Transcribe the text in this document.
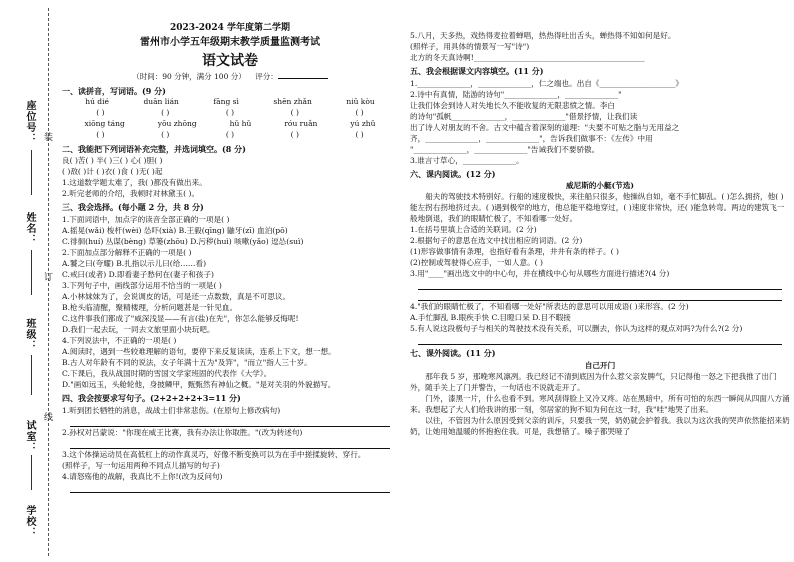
座位号：
姓名：
班级：
试室：
学校：
装
订
线
2023-2024 学年度第二学期
雷州市小学五年级期末教学质量监测考试
语文试卷
（时间：90 分钟，满分 100 分） 评分：
一、读拼音，写词语。(9 分)
hú dié	duān lián	fāng sì	shēn zhǎn	niǔ kòu
( )	( )	( )	( )	( )
xiōng táng	yōu zhōng	hǔ hǔ	róu ruǎn	yú zhǔ
( )	( )	( )	( )	( )
二、我能把下列词语补充完整，并选词填空。(8 分)
良( )苦( ) 半( )三( ) 心( )胆( )
( )敌( )计 ( )衣( )食 ( )无( )起
1.这道数学题太难了，我( )都没有做出来。
2.听完老师的介绍，我顿时对林黛玉( )。
三、我会选择。(每小题 2 分，共 8 分)
1.下面词语中，加点字的读音全部正确的一项是( )
A.摇晃(wǎi) 梭杆(wèi) 怂吓(xià) B.王毅(qīng) 鼬牙(zī) 血泊(pō)
C.徘徊(huí) 丛谋(bèng) 草篓(zhōu) D.污秽(huì) 咳嗽(yǎo) 逗怂(suì)
2.下面加点部分解释不正确的一项是( )
A.饕之曰(夸耀) B.扎指以示儿曰(给……看)
C.戒曰(或者) D.即看妻子愁何在(妻子和孩子)
3.下列句子中，画线部分运用不恰当的一项是( )
A.小林妹妹为了，会说调皮的话，可是还一点数数，真是不可思议。
B.枪头临清醒，聚精楼理，分析问题甚是一针见血。
C.这件事我们都成了"威深浅显——有言(盐)在先"，你怎么能够反悔呢!
D.我们一起去玩，一同去文旅里面小块玩吧。
4.下列说法中，不正确的一项是( )
A.阅读时，遇到一些较难理解的语句，要停下来反复读读，连系上下文，想一想。
B.古人对年龄有不同的说法，女子年满十五为"及笄"，"而立"指人三十岁。
C.下课后，我从战国时期的雪国文学家班固的代表作《大学》。
D."画如远玉，头舱轮他，身披鳞甲，甄甄然有神仙之概。"是对关羽的外貌描写。
四、我会按要求写句子。(2+2+2+2+3=11 分)
1.听到团长牺牲的消息，战战士们非常悲伤。(在原句上修改病句)
2.孙权对吕蒙说："你现在威王比赛，我有办法让你取胜。"(改为转述句)
3.这个体操运动员在高低杠上的动作真灵巧，好像不断变换可以为在手中搓揉旋转、穿行。
(照样子，写一句运用两种不同点儿描写的句子)
4.请怒殇他的战解，我真比不上你!(改为反问句)
5.八月，天多热，戏热得麦拉着蝉唱，热热得吐出舌头，蝉热得不知如何是好。
(照样子，用具体的情景写一写"诗")
北方的冬天真诗啊!_____________________________________________
五、我会根据课文内容填空。(11 分)
1.______________，______________，仁之端也。出自《____________________》
2.诗中有真情，陆游的诗句"______________，______________"
让我们体会到诗人对失地长久不能收复的无限悲愤之情。李白
的诗句"孤帆______________，______________"借景抒情，让我们读
出了诗人对朋友的不舍。古文中蕴含着深刻的道理："夫要不可贴之脂与无用益之
齐，______________，______________"，告诉我们做事不：《左传》中用
"______________，______________"告诫我们不要骄傲。
3.谁言寸草心，______________。
六、课内阅读。(12 分)
威尼斯的小艇(节选)
船夫的驾驶技术特别好。行船的速度极快，来往船只很多，他操纵自如，毫不手忙脚乱。( )怎么拥挤，他( )能左拐右拐地挤过去。( )遇到极窄的地方，他总能平稳地穿过，( )速度非常快，还( )能急转弯。两边的建筑飞一般地倒退，我们的眼睛忙极了，不知看哪一处好。
1.在括号里填上合适的关联词。(2 分)
2.根据句子的意思在选文中找出相应的词语。(2 分)
(1)形容做事情有条理，也指好看有条理，井井有条的样子。( )
(2)控制或驾驶得心应手，一如人意。( )
3.用"____"画出选文中的中心句，并在横线中心句从哪些方面进行描述?(4 分)
4."我们的眼睛忙极了，不知看哪一处好"所表达的意思可以用成语( )来形容。(2 分)
A.手忙脚乱 B.眼疾手快 C.目瞪口呆 D.目不暇接
5.有人说这段极句子与相关的驾驶技术没有关系，可以删去，你认为这样的观点对吗?为什么?(2 分)
七、课外阅读。(11 分)
自己开门
那年我 5 岁，那晚寒风凛冽。我已经记不清到底因为什么惹父亲发脾气，只记得他一怒之下把我推了出门外，随手关上了门并警告，一句话也不说就走开了。
门外，漆黑一片，什么也看不到。寒风刮得脸上又冷又疼。站在黑暗中，所有可怕的东西一瞬间从四面八方涌来。我想起了大人们给我讲的那一刻，邻居家的狗不知为何在这一时，我"哇"地哭了出来。
以往，不管因为什么原因受到父亲的训斥，只要我一哭，奶奶就会护着我。我以为这次我的哭声依然能招来奶奶，让她用她温暖的怀抱抱住我。可是，我想错了。嗓子都哭哑了
